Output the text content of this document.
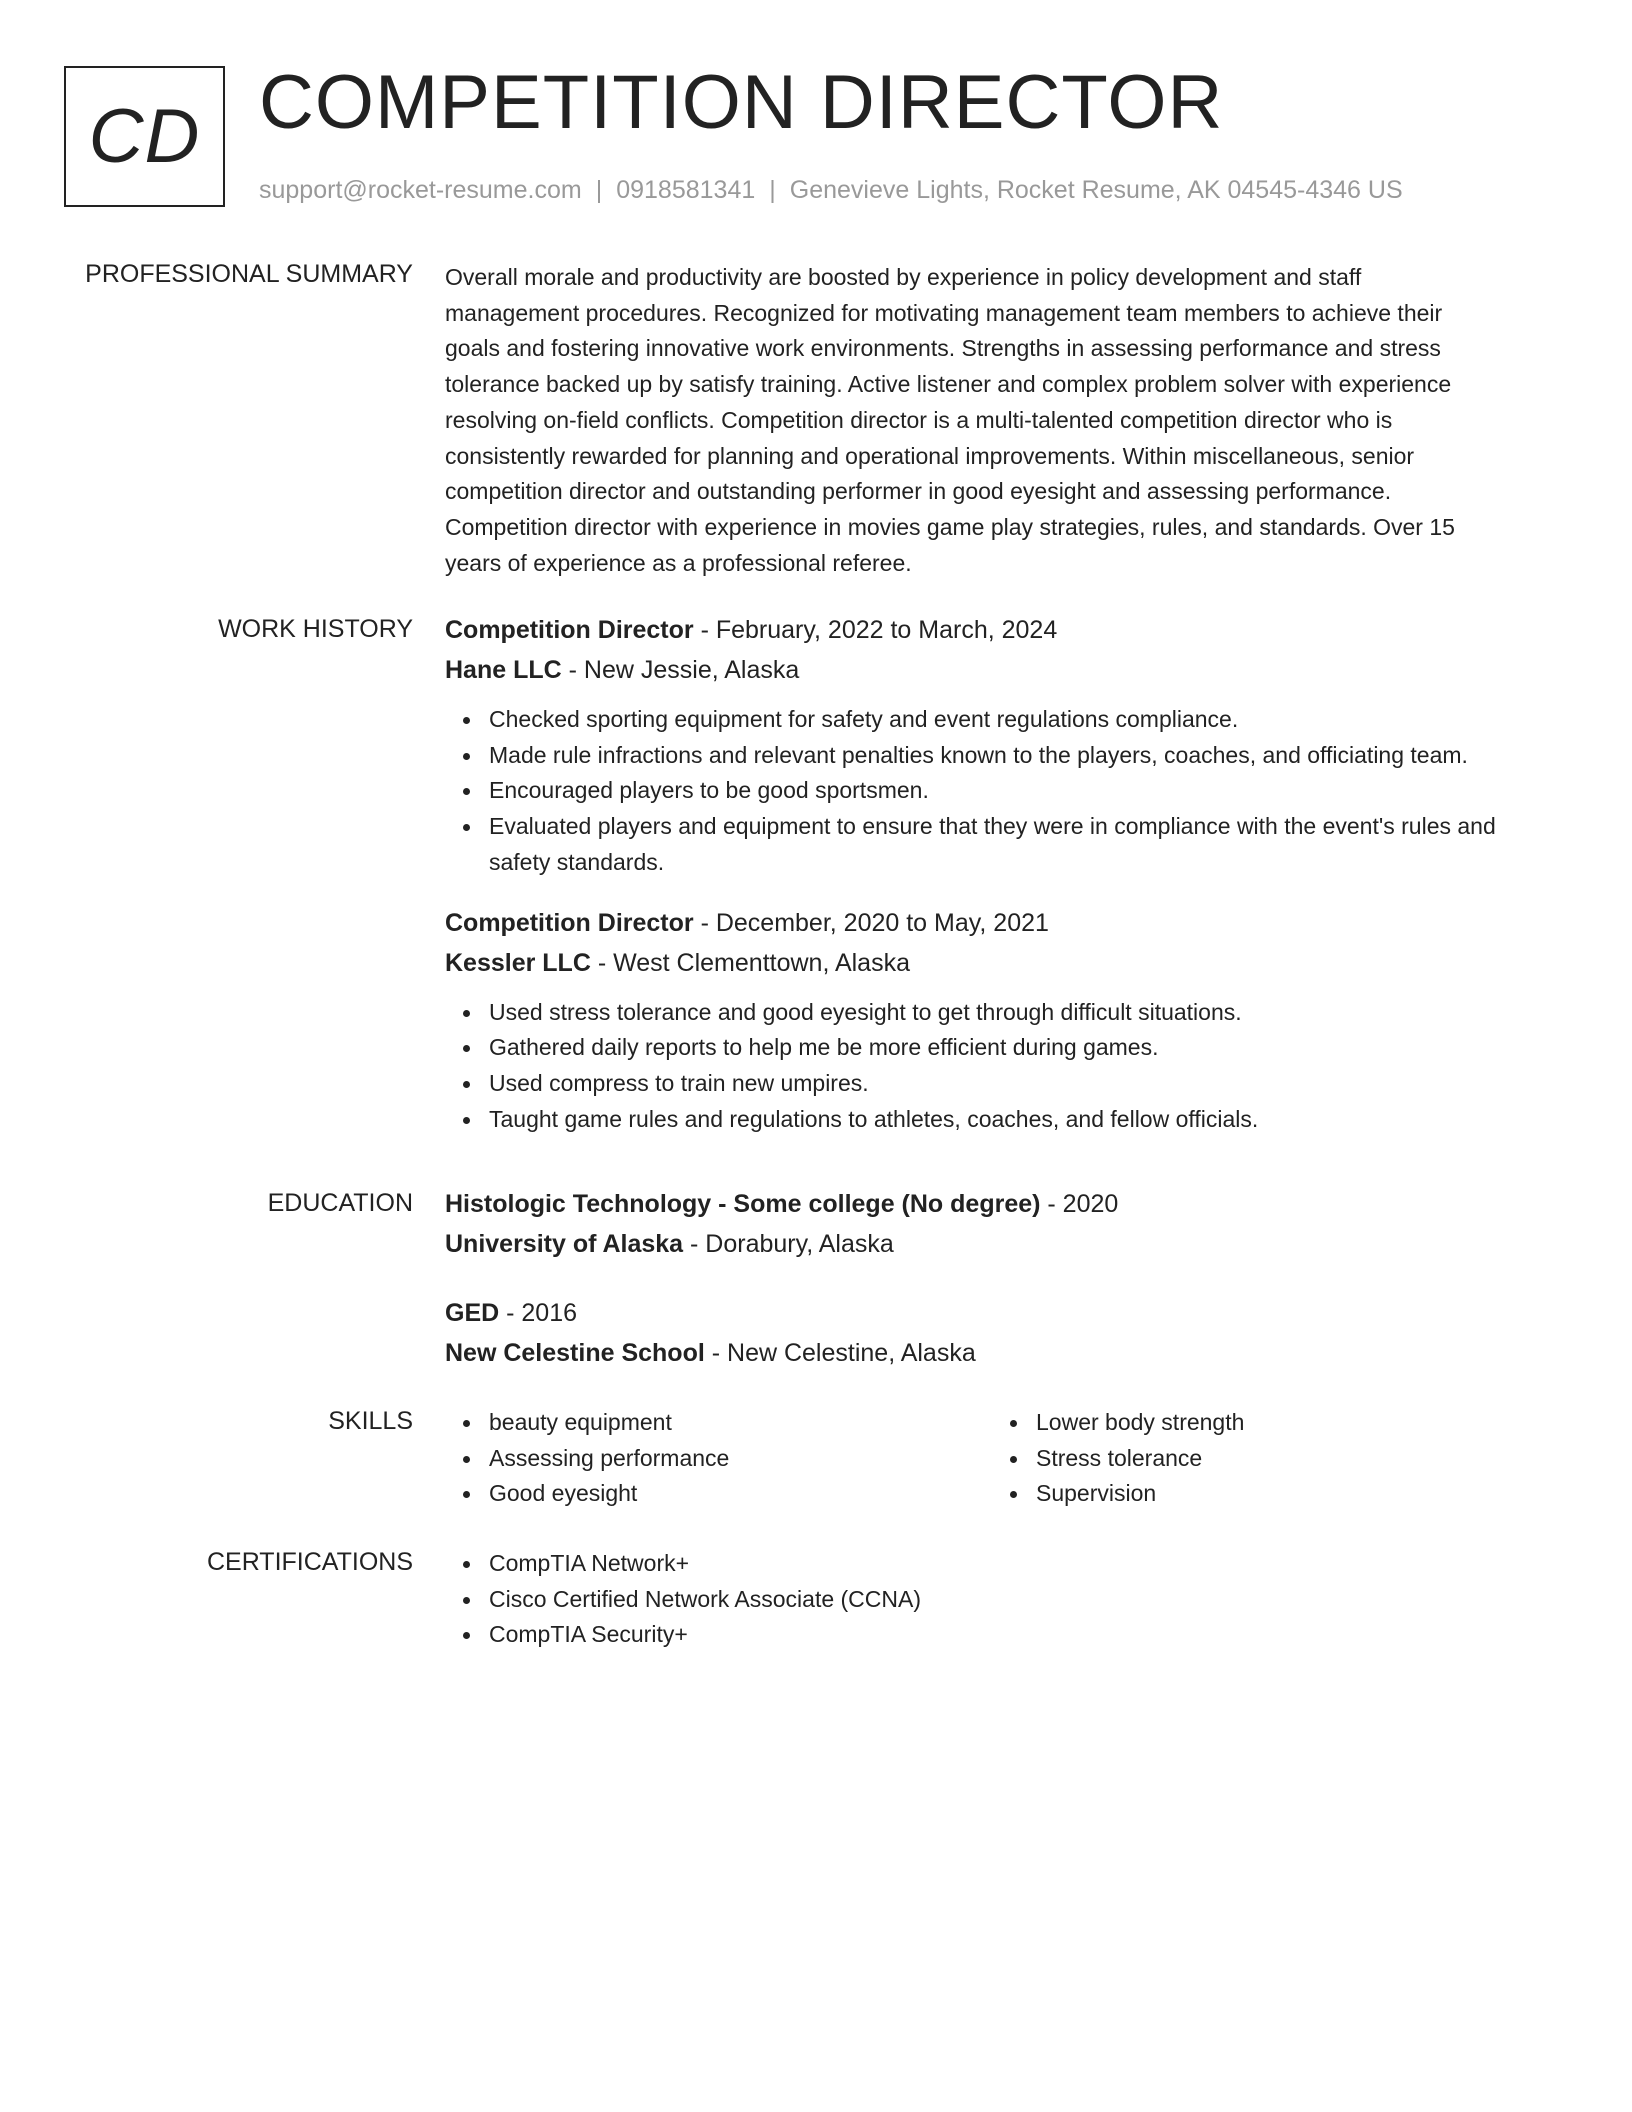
CD COMPETITION DIRECTOR
support@rocket-resume.com | 0918581341 | Genevieve Lights, Rocket Resume, AK 04545-4346 US
PROFESSIONAL SUMMARY Overall morale and productivity are boosted by experience in policy development and staff
management procedures. Recognized for motivating management team members to achieve their
goals and fostering innovative work environments. Strengths in assessing performance and stress
tolerance backed up by satisfy training. Active listener and complex problem solver with experience
resolving on-field conflicts. Competition director is a multi-talented competition director who is
consistently rewarded for planning and operational improvements. Within miscellaneous, senior
competition director and outstanding performer in good eyesight and assessing performance.
Competition director with experience in movies game play strategies, rules, and standards. Over 15
years of experience as a professional referee.
WORK HISTORY Competition Director - February, 2022 to March, 2024
Hane LLC - New Jessie, Alaska
Checked sporting equipment for safety and event regulations compliance.
Made rule infractions and relevant penalties known to the players, coaches, and officiating team.
Encouraged players to be good sportsmen.
Evaluated players and equipment to ensure that they were in compliance with the event's rules and safety standards.
Competition Director - December, 2020 to May, 2021
Kessler LLC - West Clementtown, Alaska
Used stress tolerance and good eyesight to get through difficult situations.
Gathered daily reports to help me be more efficient during games.
Used compress to train new umpires.
Taught game rules and regulations to athletes, coaches, and fellow officials.
EDUCATION Histologic Technology - Some college (No degree) - 2020
University of Alaska - Dorabury, Alaska
GED - 2016
New Celestine School - New Celestine, Alaska
SKILLS	beauty equipment
Assessing performance
Good eyesight
Lower body strength
Stress tolerance
Supervision
CERTIFICATIONS	CompTIA Network+
Cisco Certified Network Associate (CCNA)
CompTIA Security+
